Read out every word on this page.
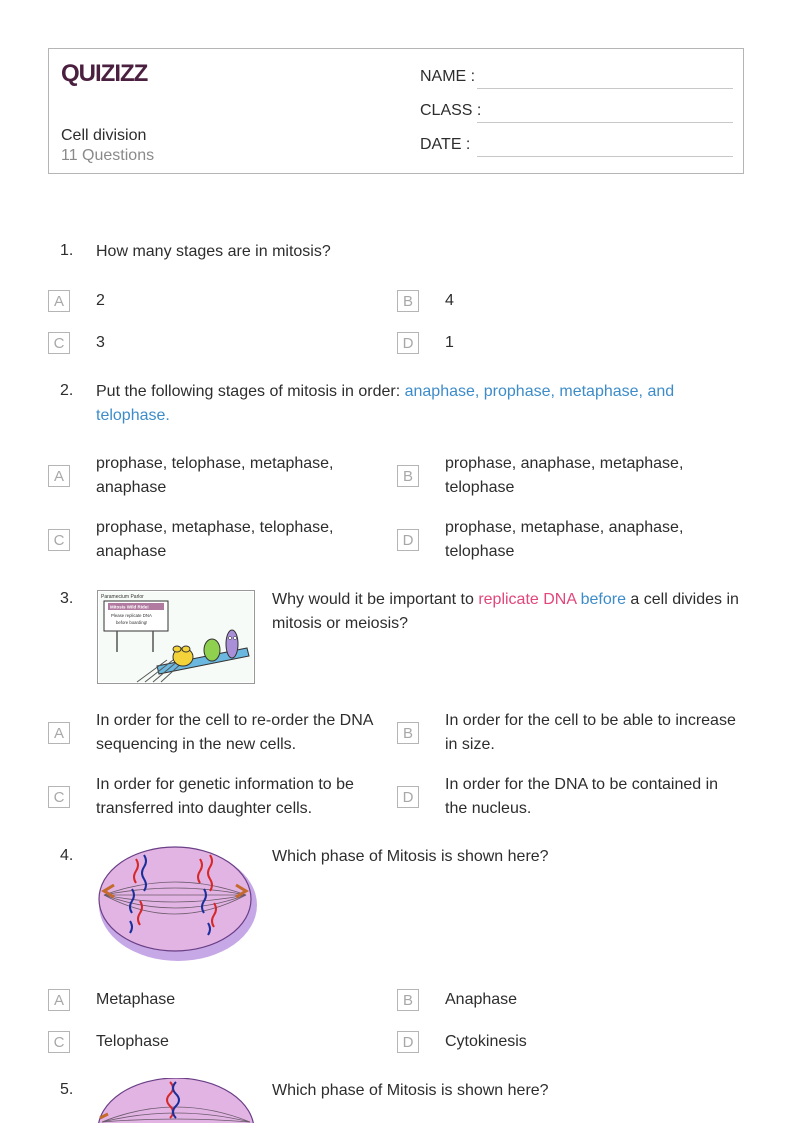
QUIZIZZ
Cell division
11 Questions
NAME :
CLASS :
DATE :
1. How many stages are in mitosis?
A	2	B	4
C	3	D	1
2. Put the following stages of mitosis in order: anaphase, prophase, metaphase, and telophase.
A
prophase, telophase, metaphase, anaphase
B
prophase, anaphase, metaphase, telophase
C
prophase, metaphase, telophase, anaphase
D
prophase, metaphase, anaphase, telophase
3.	Paramecium Parlor
Mitosis Wild Ride!
Please replicate DNA
before boarding!
Why would it be important to replicate DNA before a cell divides in mitosis or meiosis?
A
In order for the cell to re-order the DNA sequencing in the new cells.
B
In order for the cell to be able to increase in size.
C
In order for genetic information to be transferred into daughter cells.
D
In order for the DNA to be contained in the nucleus.
4.	Which phase of Mitosis is shown here?
A	Metaphase	B	Anaphase
C	Telophase	D	Cytokinesis
5.	Which phase of Mitosis is shown here?
